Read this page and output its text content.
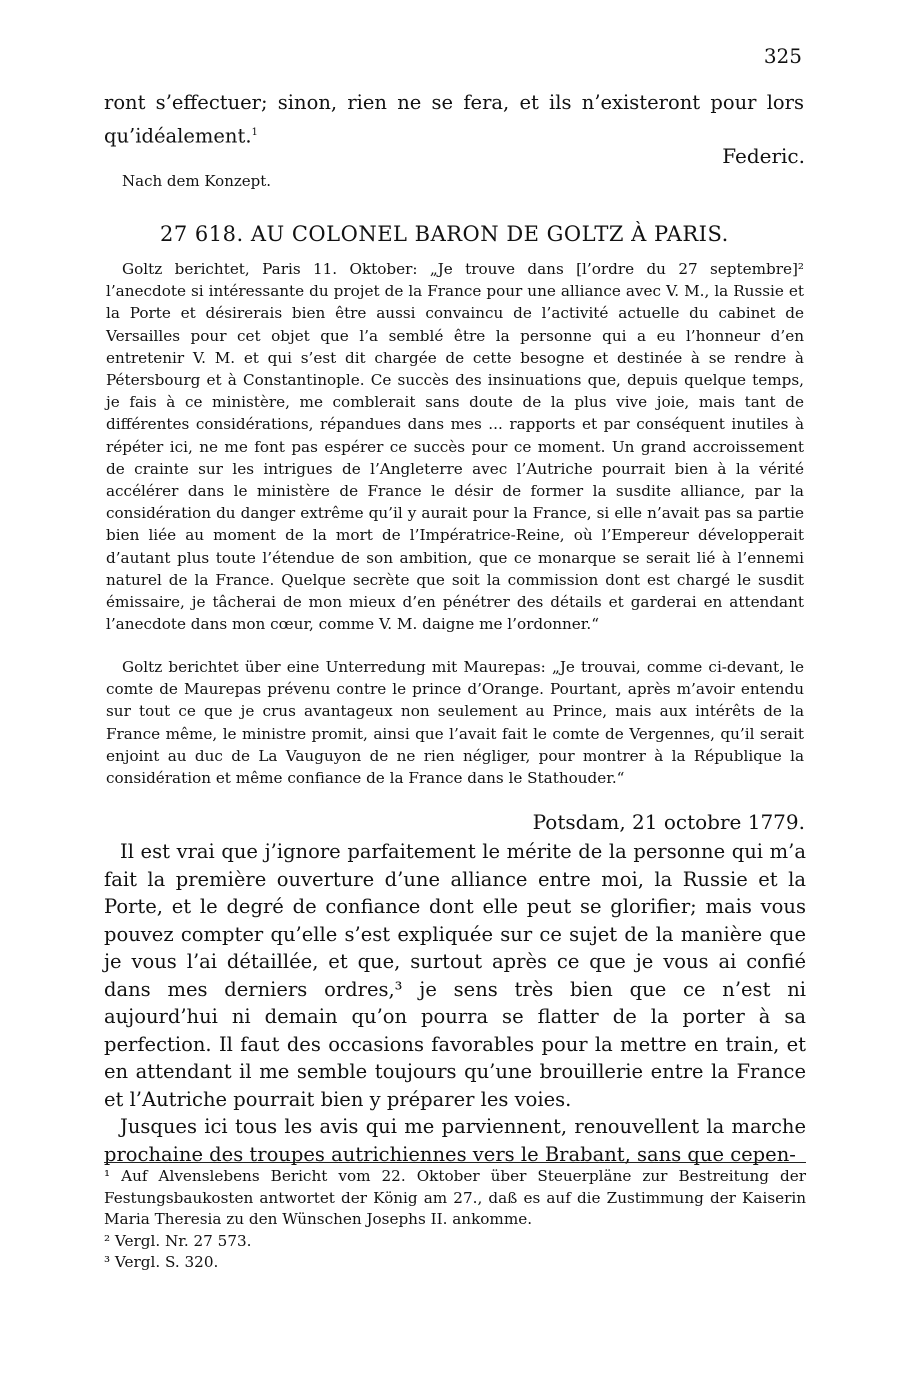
325
ront s’effectuer; sinon, rien ne se fera, et ils n’existeront pour lors qu’idéalement.$^1$
Federic.
Nach dem Konzept.
27 618. AU COLONEL BARON DE GOLTZ À PARIS.

Goltz berichtet, Paris 11. Oktober: „Je trouve dans [l’ordre du 27 septembre]² l’anecdote si intéressante du projet de la France pour une alliance avec V. M., la Russie et la Porte et désirerais bien être aussi convaincu de l’activité actuelle du cabinet de Versailles pour cet objet que l’a semblé être la personne qui a eu l’honneur d’en entretenir V. M. et qui s’est dit chargée de cette besogne et destinée à se rendre à Pétersbourg et à Constantinople. Ce succès des insinuations que, depuis quelque temps, je fais à ce ministère, me comblerait sans doute de la plus vive joie, mais tant de différentes considérations, répandues dans mes ... rapports et par conséquent inutiles à répéter ici, ne me font pas espérer ce succès pour ce moment. Un grand accroissement de crainte sur les intrigues de l’Angleterre avec l’Autriche pourrait bien à la vérité accélérer dans le ministère de France le désir de former la susdite alliance, par la considération du danger extrême qu’il y aurait pour la France, si elle n’avait pas sa partie bien liée au moment de la mort de l’Impératrice-Reine, où l’Empereur développerait d’autant plus toute l’étendue de son ambition, que ce monarque se serait lié à l’ennemi naturel de la France. Quelque secrète que soit la commission dont est chargé le susdit émissaire, je tâcherai de mon mieux d’en pénétrer des détails et garderai en attendant l’anecdote dans mon cœur, comme V. M. daigne me l’ordonner.“

Goltz berichtet über eine Unterredung mit Maurepas: „Je trouvai, comme ci-devant, le comte de Maurepas prévenu contre le prince d’Orange. Pourtant, après m’avoir entendu sur tout ce que je crus avantageux non seulement au Prince, mais aux intérêts de la France même, le ministre promit, ainsi que l’avait fait le comte de Vergennes, qu’il serait enjoint au duc de La Vauguyon de ne rien négliger, pour montrer à la République la considération et même confiance de la France dans le Stathouder.“

Potsdam, 21 octobre 1779.

Il est vrai que j’ignore parfaitement le mérite de la personne qui m’a fait la première ouverture d’une alliance entre moi, la Russie et la Porte, et le degré de confiance dont elle peut se glorifier; mais vous pouvez compter qu’elle s’est expliquée sur ce sujet de la manière que je vous l’ai détaillée, et que, surtout après ce que je vous ai confié dans mes derniers ordres,³ je sens très bien que ce n’est ni aujourd’hui ni demain qu’on pourra se flatter de la porter à sa perfection. Il faut des occasions favorables pour la mettre en train, et en attendant il me semble toujours qu’une brouillerie entre la France et l’Autriche pourrait bien y préparer les voies.

Jusques ici tous les avis qui me parviennent, renouvellent la marche prochaine des troupes autrichiennes vers le Brabant, sans que cepen-

¹ Auf Alvenslebens Bericht vom 22. Oktober über Steuerpläne zur Bestreitung der Festungsbaukosten antwortet der König am 27., daß es auf die Zustimmung der Kaiserin Maria Theresia zu den Wünschen Josephs II. ankomme.

² Vergl. Nr. 27 573.

³ Vergl. S. 320.
